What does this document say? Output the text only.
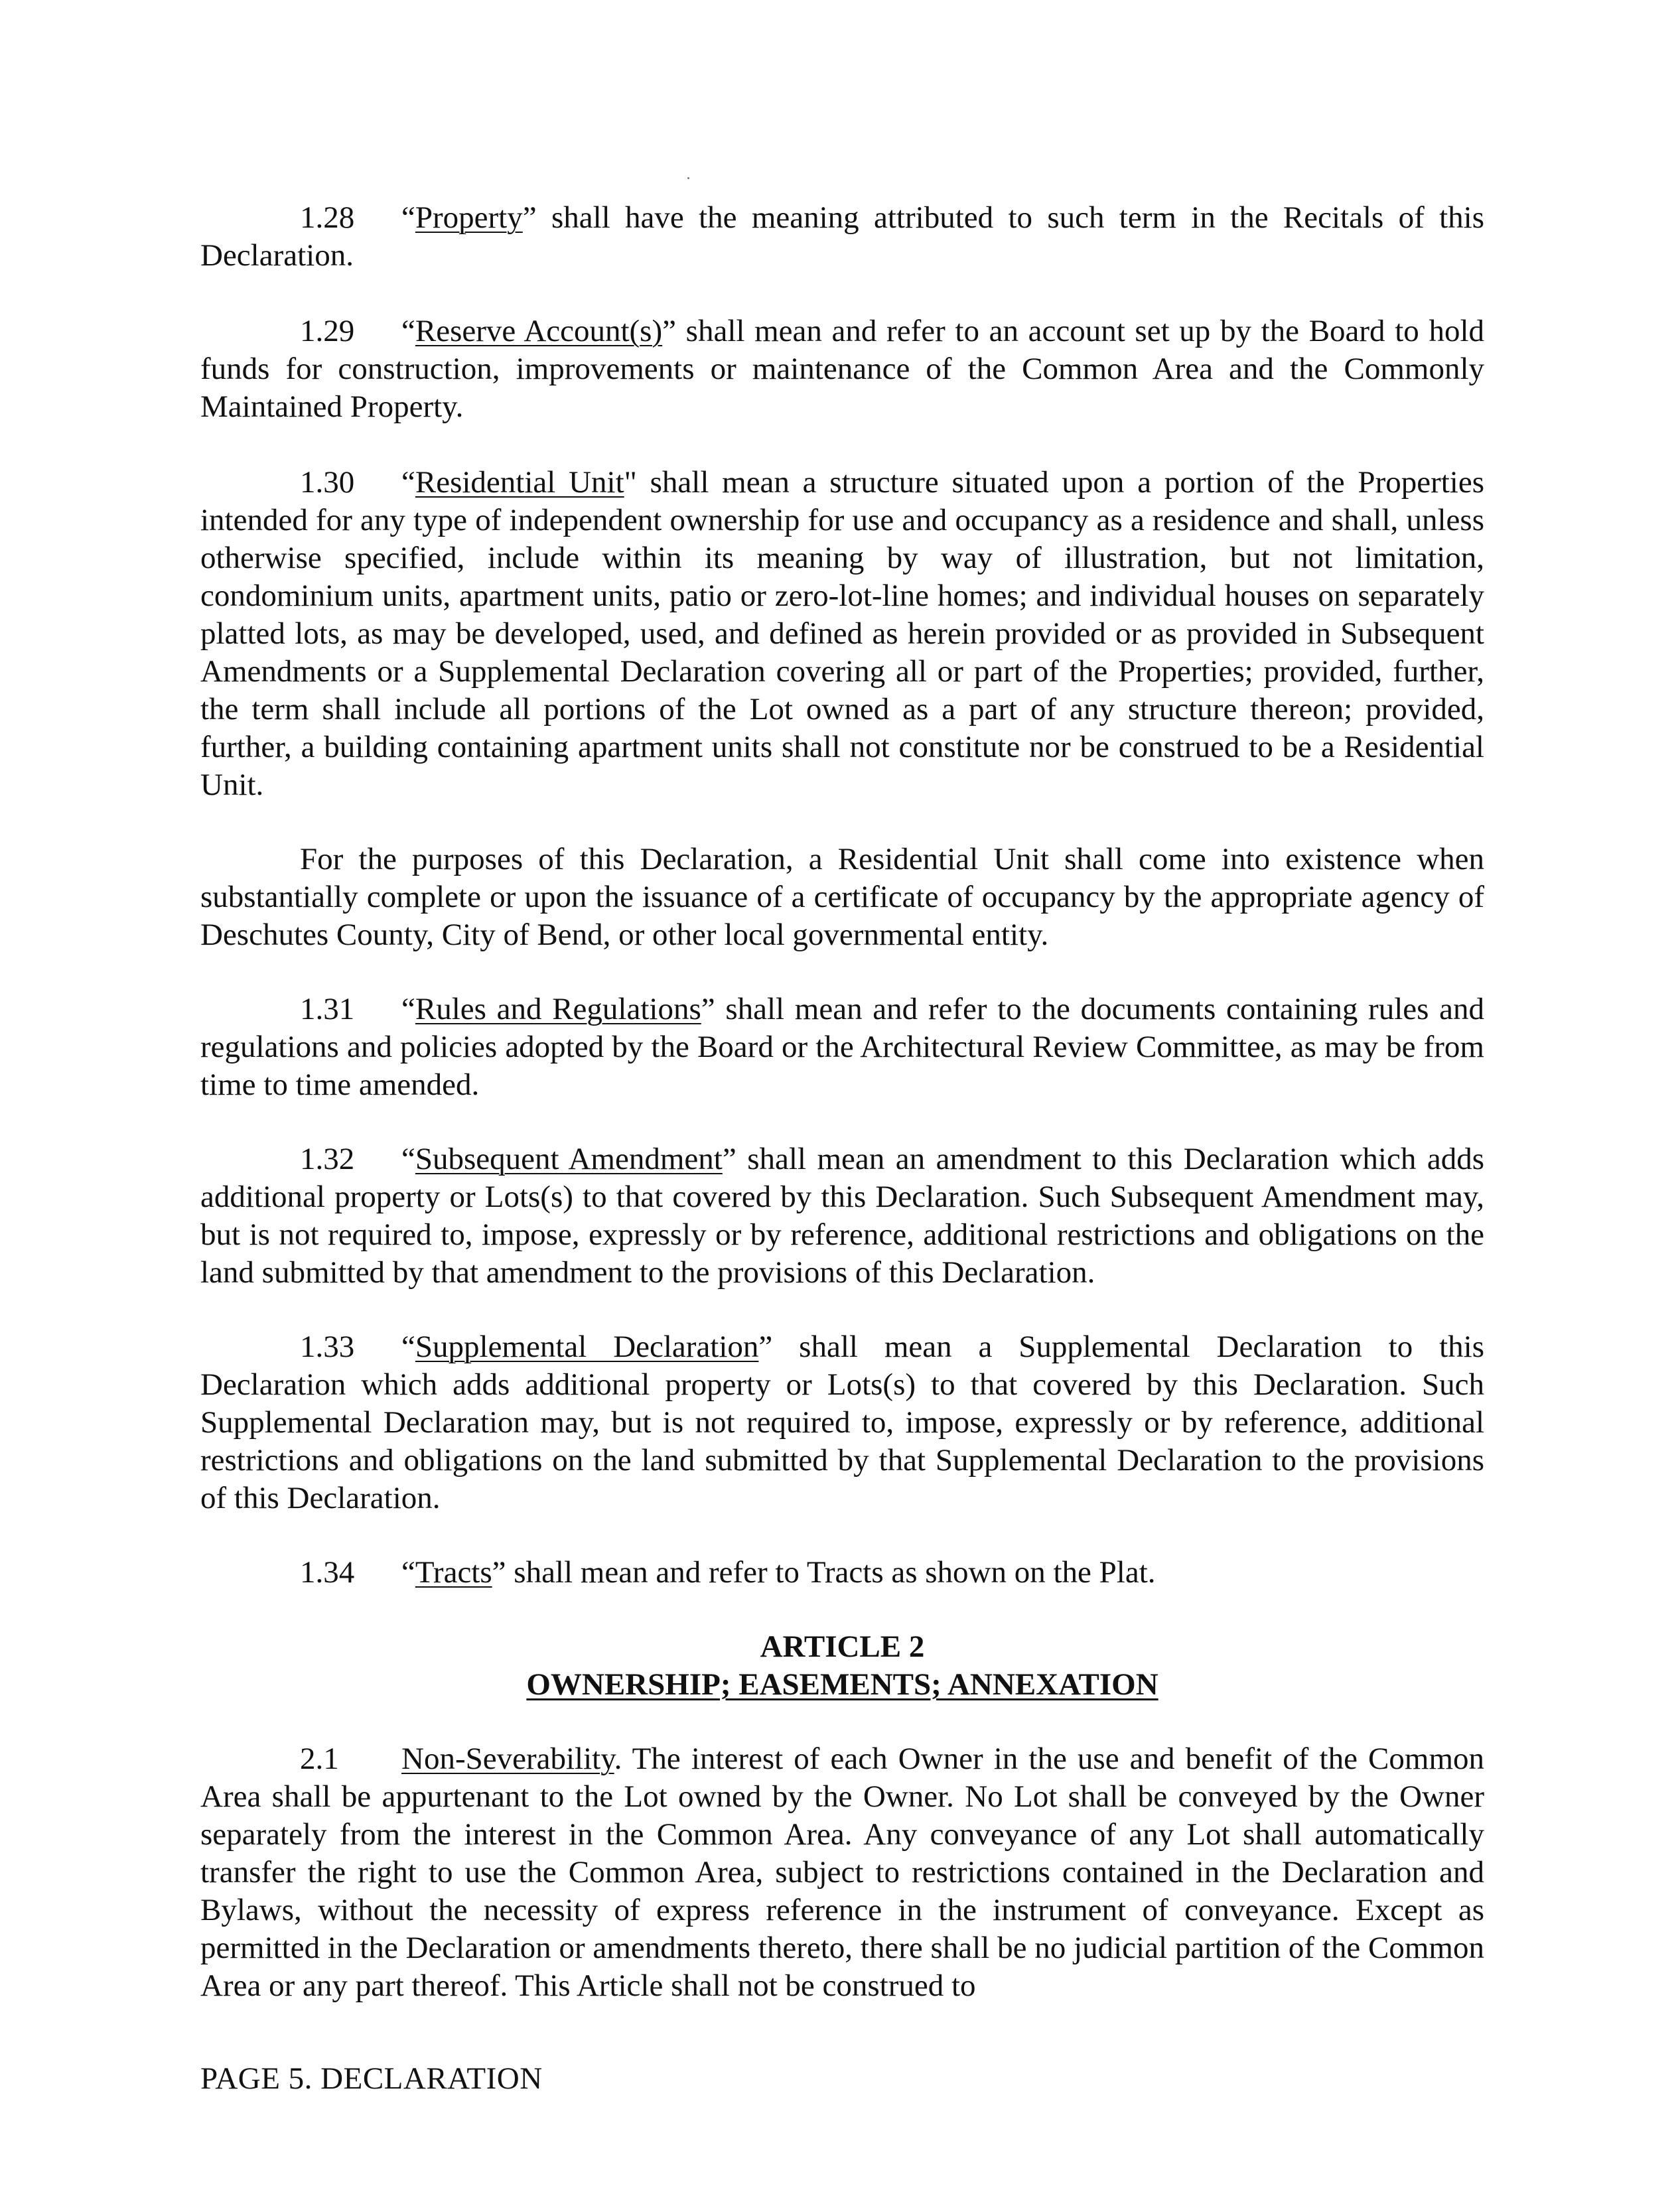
1.28 “Property” shall have the meaning attributed to such term in the Recitals of this Declaration.

1.29 “Reserve Account(s)” shall mean and refer to an account set up by the Board to hold funds for construction, improvements or maintenance of the Common Area and the Commonly Maintained Property.

1.30 “Residential Unit" shall mean a structure situated upon a portion of the Properties intended for any type of independent ownership for use and occupancy as a residence and shall, unless otherwise specified, include within its meaning by way of illustration, but not limitation, condominium units, apartment units, patio or zero-lot-line homes; and individual houses on separately platted lots, as may be developed, used, and defined as herein provided or as provided in Subsequent Amendments or a Supplemental Declaration covering all or part of the Properties; provided, further, the term shall include all portions of the Lot owned as a part of any structure thereon; provided, further, a building containing apartment units shall not constitute nor be construed to be a Residential Unit.

For the purposes of this Declaration, a Residential Unit shall come into existence when substantially complete or upon the issuance of a certificate of occupancy by the appropriate agency of Deschutes County, City of Bend, or other local governmental entity.

1.31 “Rules and Regulations” shall mean and refer to the documents containing rules and regulations and policies adopted by the Board or the Architectural Review Committee, as may be from time to time amended.

1.32 “Subsequent Amendment” shall mean an amendment to this Declaration which adds additional property or Lots(s) to that covered by this Declaration. Such Subsequent Amendment may, but is not required to, impose, expressly or by reference, additional restrictions and obligations on the land submitted by that amendment to the provisions of this Declaration.

1.33 “Supplemental Declaration” shall mean a Supplemental Declaration to this Declaration which adds additional property or Lots(s) to that covered by this Declaration. Such Supplemental Declaration may, but is not required to, impose, expressly or by reference, additional restrictions and obligations on the land submitted by that Supplemental Declaration to the provisions of this Declaration.

1.34 “Tracts” shall mean and refer to Tracts as shown on the Plat.

ARTICLE 2
OWNERSHIP; EASEMENTS; ANNEXATION

2.1 Non-Severability. The interest of each Owner in the use and benefit of the Common Area shall be appurtenant to the Lot owned by the Owner. No Lot shall be conveyed by the Owner separately from the interest in the Common Area. Any conveyance of any Lot shall automatically transfer the right to use the Common Area, subject to restrictions contained in the Declaration and Bylaws, without the necessity of express reference in the instrument of conveyance. Except as permitted in the Declaration or amendments thereto, there shall be no judicial partition of the Common Area or any part thereof. This Article shall not be construed to

PAGE 5. DECLARATION
